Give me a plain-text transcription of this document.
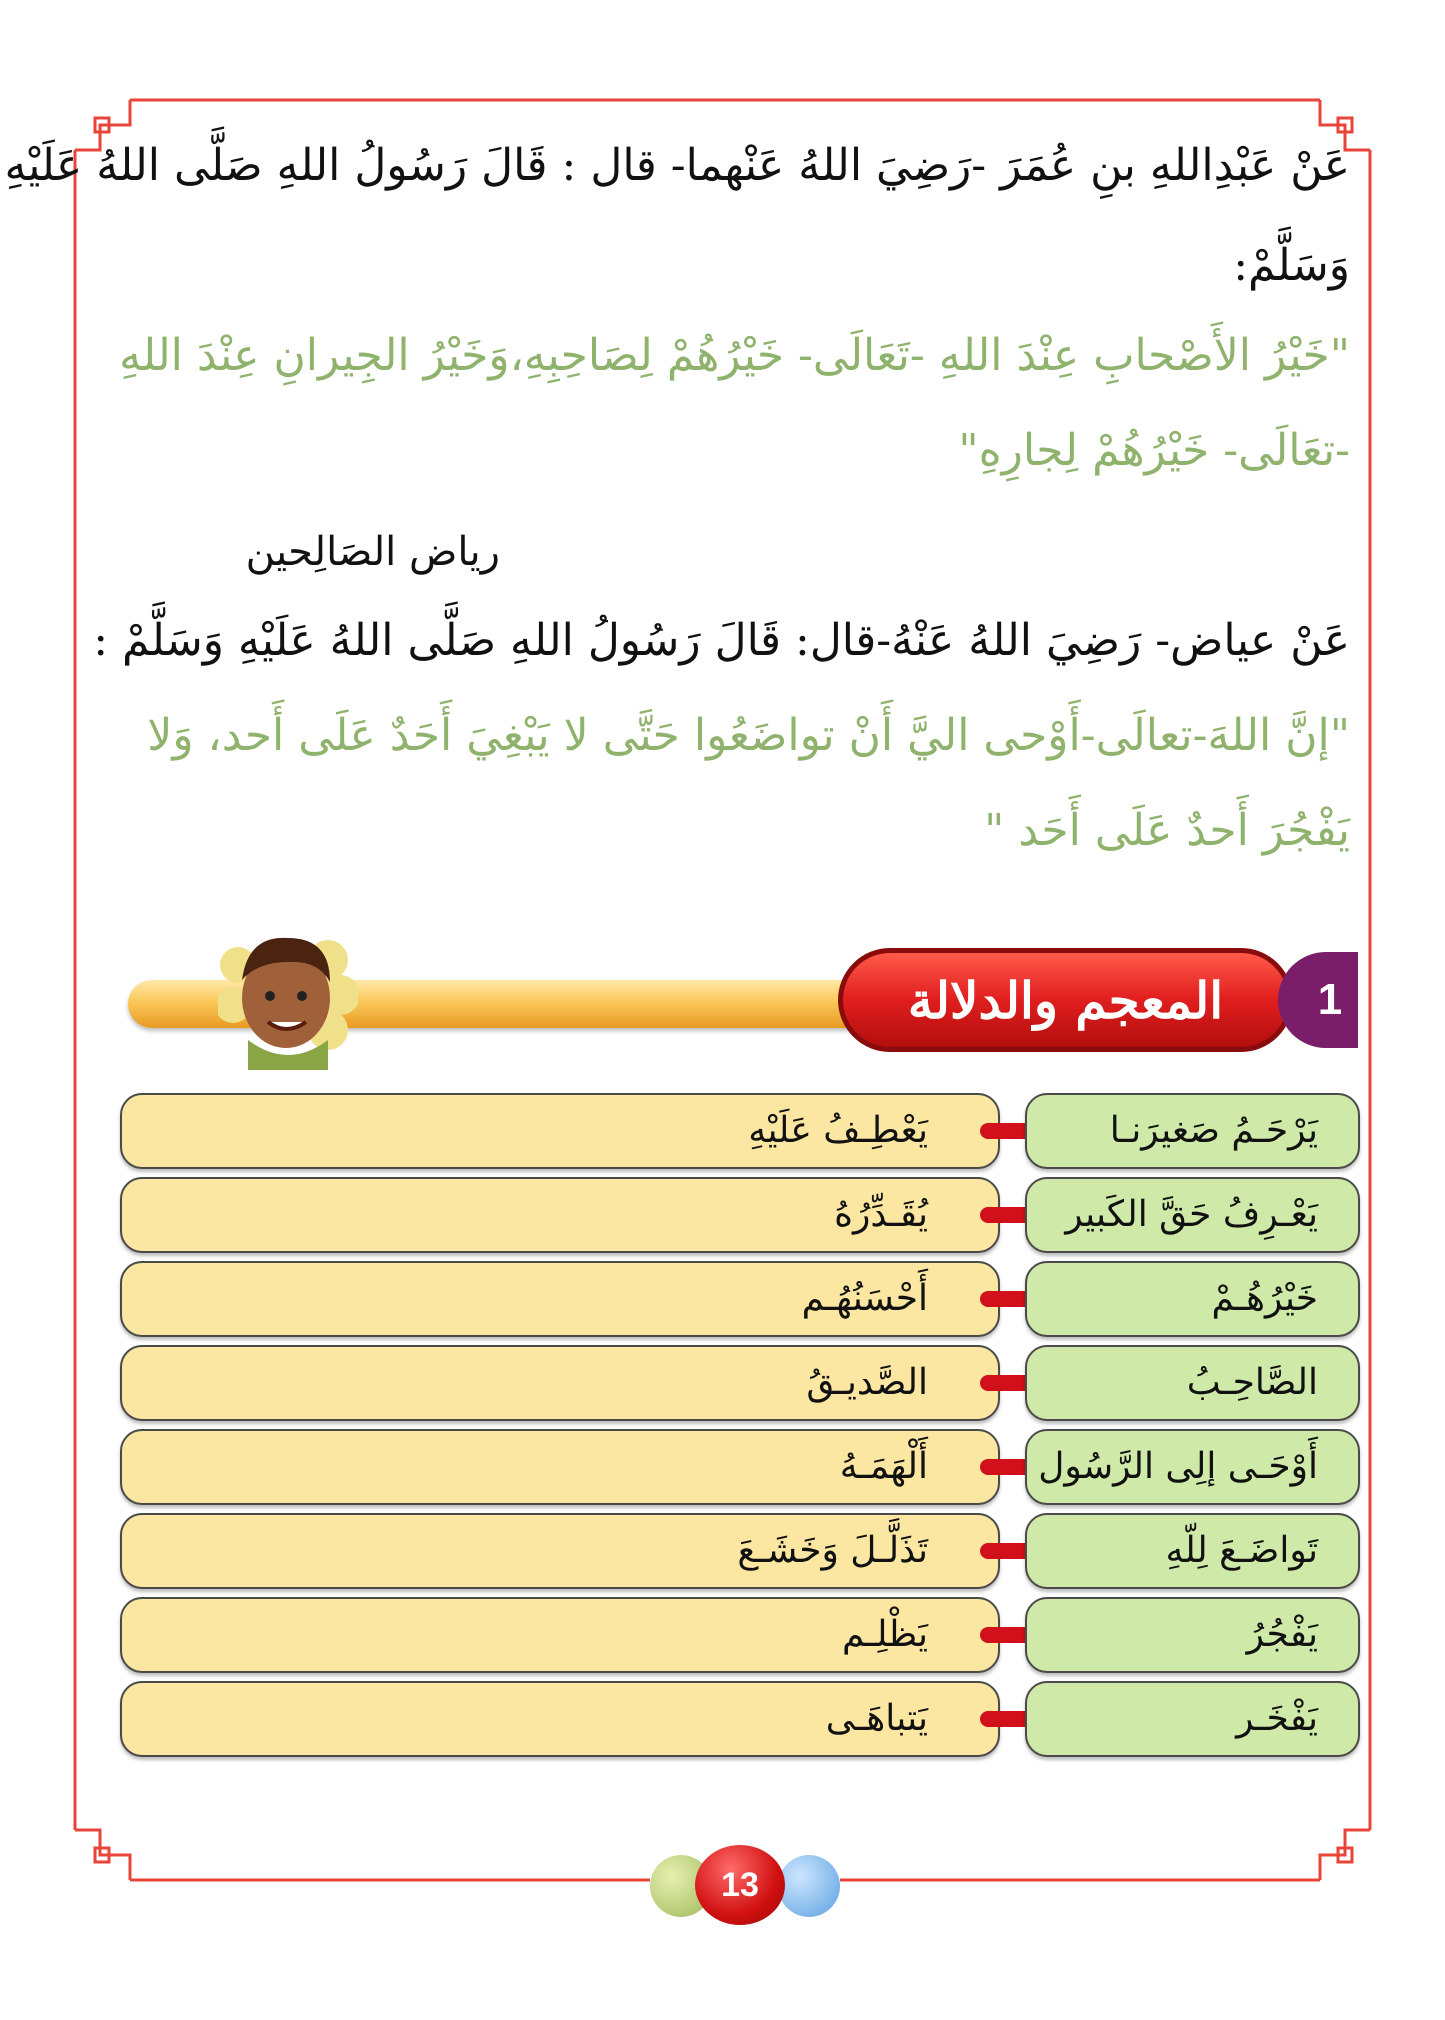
عَنْ عَبْدِاللهِ بنِ عُمَرَ -رَضِيَ اللهُ عَنْهما- قال : قَالَ رَسُولُ اللهِ صَلَّى اللهُ عَلَيْهِ
وَسَلَّمْ:
"خَيْرُ الأَصْحابِ عِنْدَ اللهِ -تَعَالَى- خَيْرُهُمْ لِصَاحِبِهِ،وَخَيْرُ الجِيرانِ عِنْدَ اللهِ
-تعَالَى- خَيْرُهُمْ لِجارِهِ"
رياض الصَالِحين
عَنْ عياض- رَضِيَ اللهُ عَنْهُ-قال: قَالَ رَسُولُ اللهِ صَلَّى اللهُ عَلَيْهِ وَسَلَّمْ :
"إنَّ اللهَ-تعالَى-أَوْحى اليَّ أَنْ تواضَعُوا حَتَّى لا يَبْغِيَ أَحَدٌ عَلَى أَحد، وَلا
يَفْجُرَ أَحدٌ عَلَى أَحَد "
المعجم والدلالة	1
يَعْطِـفُ عَلَيْهِ	يَرْحَـمُ صَغيرَنـا
يُقَـدِّرُهُ	يَعْـرِفُ حَقَّ الكَبير
أَحْسَنُهُـم	خَيْرُهُـمْ
الصَّديـقُ	الصَّاحِـبُ
أَلْهَمَـهُ	أَوْحَـى إلِى الرَّسُول
تَذَلَّـلَ وَخَشَـعَ	تَواضَـعَ لِلّهِ
يَظْلِـم	يَفْجُرُ
يَتباهَـى	يَفْخَـر
13
